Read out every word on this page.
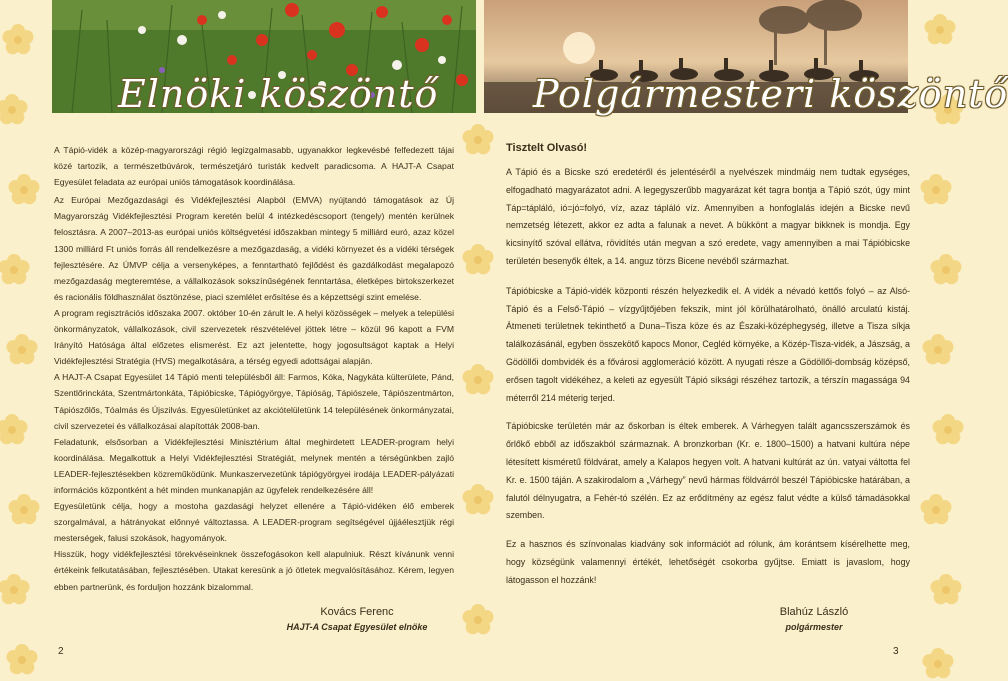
Elnöki köszöntő Polgármesteri köszöntő

A Tápió-vidék a közép-magyarországi régió legizgalmasabb, ugyanakkor legkevésbé felfedezett tájai közé tartozik, a természetbúvárok, természetjáró turisták kedvelt paradicsoma. A HAJT-A Csapat Egyesület feladata az európai uniós támogatások koordinálása.

Az Európai Mezőgazdasági és Vidékfejlesztési Alapból (EMVA) nyújtandó támogatások az Új Magyarország Vidékfejlesztési Program keretén belül 4 intézkedéscsoport (tengely) mentén kerülnek felosztásra. A 2007–2013-as európai uniós költségvetési időszakban mintegy 5 milliárd euró, azaz közel 1300 milliárd Ft uniós forrás áll rendelkezésre a mezőgazdaság, a vidéki környezet és a vidéki térségek fejlesztésére. Az ÚMVP célja a versenyképes, a fenntartható fejlődést és gazdálkodást megalapozó mezőgazdaság megteremtése, a vállalkozások sokszínűségének fenntartása, életképes birtokszerkezet és racionális földhasználat ösztönzése, piaci szemlélet erősítése és a képzettségi szint emelése.

A program regisztrációs időszaka 2007. október 10-én zárult le. A helyi közösségek – melyek a települési önkormányzatok, vállalkozások, civil szervezetek részvételével jöttek létre – közül 96 kapott a FVM Irányító Hatósága által előzetes elismerést. Ez azt jelentette, hogy jogosultságot kaptak a Helyi Vidékfejlesztési Stratégia (HVS) megalkotására, a térség egyedi adottságai alapján.

A HAJT-A Csapat Egyesület 14 Tápió menti településből áll: Farmos, Kóka, Nagykáta külterülete, Pánd, Szentlőrinckáta, Szentmártonkáta, Tápióbicske, Tápiógyörgye, Tápióság, Tápiószele, Tápiószentmárton, Tápiószőlős, Tóalmás és Újszilvás. Egyesületünket az akciótelületünk 14 településének önkormányzatai, civil szervezetei és vállalkozásai alapították 2008-ban.

Feladatunk, elsősorban a Vidékfejlesztési Minisztérium által meghirdetett LEADER-program helyi koordinálása. Megalkottuk a Helyi Vidékfejlesztési Stratégiát, melynek mentén a térségünkben zajló LEADER-fejlesztésekben közreműködünk. Munkaszervezetünk tápiógyörgyei irodája LEADER-pályázati információs központként a hét minden munkanapján az ügyfelek rendelkezésére áll!

Egyesületünk célja, hogy a mostoha gazdasági helyzet ellenére a Tápió-vidéken élő emberek szorgalmával, a hátrányokat előnnyé változtassa. A LEADER-program segítségével újjáélesztjük régi mesterségek, falusi szokások, hagyományok.

Hisszük, hogy vidékfejlesztési törekvéseinknek összefogásokon kell alapulniuk. Részt kívánunk venni értékeink felkutatásában, fejlesztésében. Utakat keresünk a jó ötletek megvalósításához. Kérem, legyen ebben partnerünk, és forduljon hozzánk bizalommal.

Tisztelt Olvasó!

A Tápió és a Bicske szó eredetéről és jelentéséről a nyelvészek mindmáig nem tudtak egységes, elfogadható magyarázatot adni. A legegyszerűbb magyarázat két tagra bontja a Tápió szót, úgy mint Táp=tápláló, ió=jó=folyó, víz, azaz tápláló víz. Amennyiben a honfoglalás idején a Bicske nevű nemzetség létezett, akkor ez adta a falunak a nevet. A bükkönt a magyar bikknek is mondja. Egy kicsinyítő szóval ellátva, rövidítés után megvan a szó eredete, vagy amennyiben a mai Tápióbicske területén besenyők éltek, a 14. anguz törzs Bicene nevéből származhat.

Tápióbicske a Tápió-vidék központi részén helyezkedik el. A vidék a névadó kettős folyó – az Alsó-Tápió és a Felső-Tápió – vízgyűjtőjében fekszik, mint jól körülhatárolható, önálló arculatú kistáj. Átmeneti területnek tekinthető a Duna–Tisza köze és az Északi-középhegység, illetve a Tisza síkja találkozásánál, egyben összekötő kapocs Monor, Cegléd környéke, a Közép-Tisza-vidék, a Jászság, a Gödöllői dombvidék és a fővárosi agglomeráció között. A nyugati része a Gödöllői-dombság középső, erősen tagolt vidékéhez, a keleti az egyesült Tápió síksági részéhez tartozik, a térszín magassága 94 méterről 214 méterig terjed.

Tápióbicske területén már az őskorban is éltek emberek. A Várhegyen talált agancsszerszámok és őrlőkő ebből az időszakból származnak. A bronzkorban (Kr. e. 1800–1500) a hatvani kultúra népe létesített kisméretű földvárat, amely a Kalapos hegyen volt. A hatvani kultúrát az ún. vatyai váltotta fel Kr. e. 1500 táján. A szakirodalom a „Várhegy” nevű hármas földvárról beszél Tápióbicske határában, a falutól délnyugatra, a Fehér-tó szélén. Ez az erődítmény az egész falut védte a külső támadásokkal szemben.

Ez a hasznos és színvonalas kiadvány sok információt ad rólunk, ám korántsem kísérelhette meg, hogy községünk valamennyi értékét, lehetőségét csokorba gyűjtse. Emiatt is javaslom, hogy látogasson el hozzánk!

Kovács Ferenc
HAJT-A Csapat Egyesület elnöke
Blahúz László
polgármester
2	3
